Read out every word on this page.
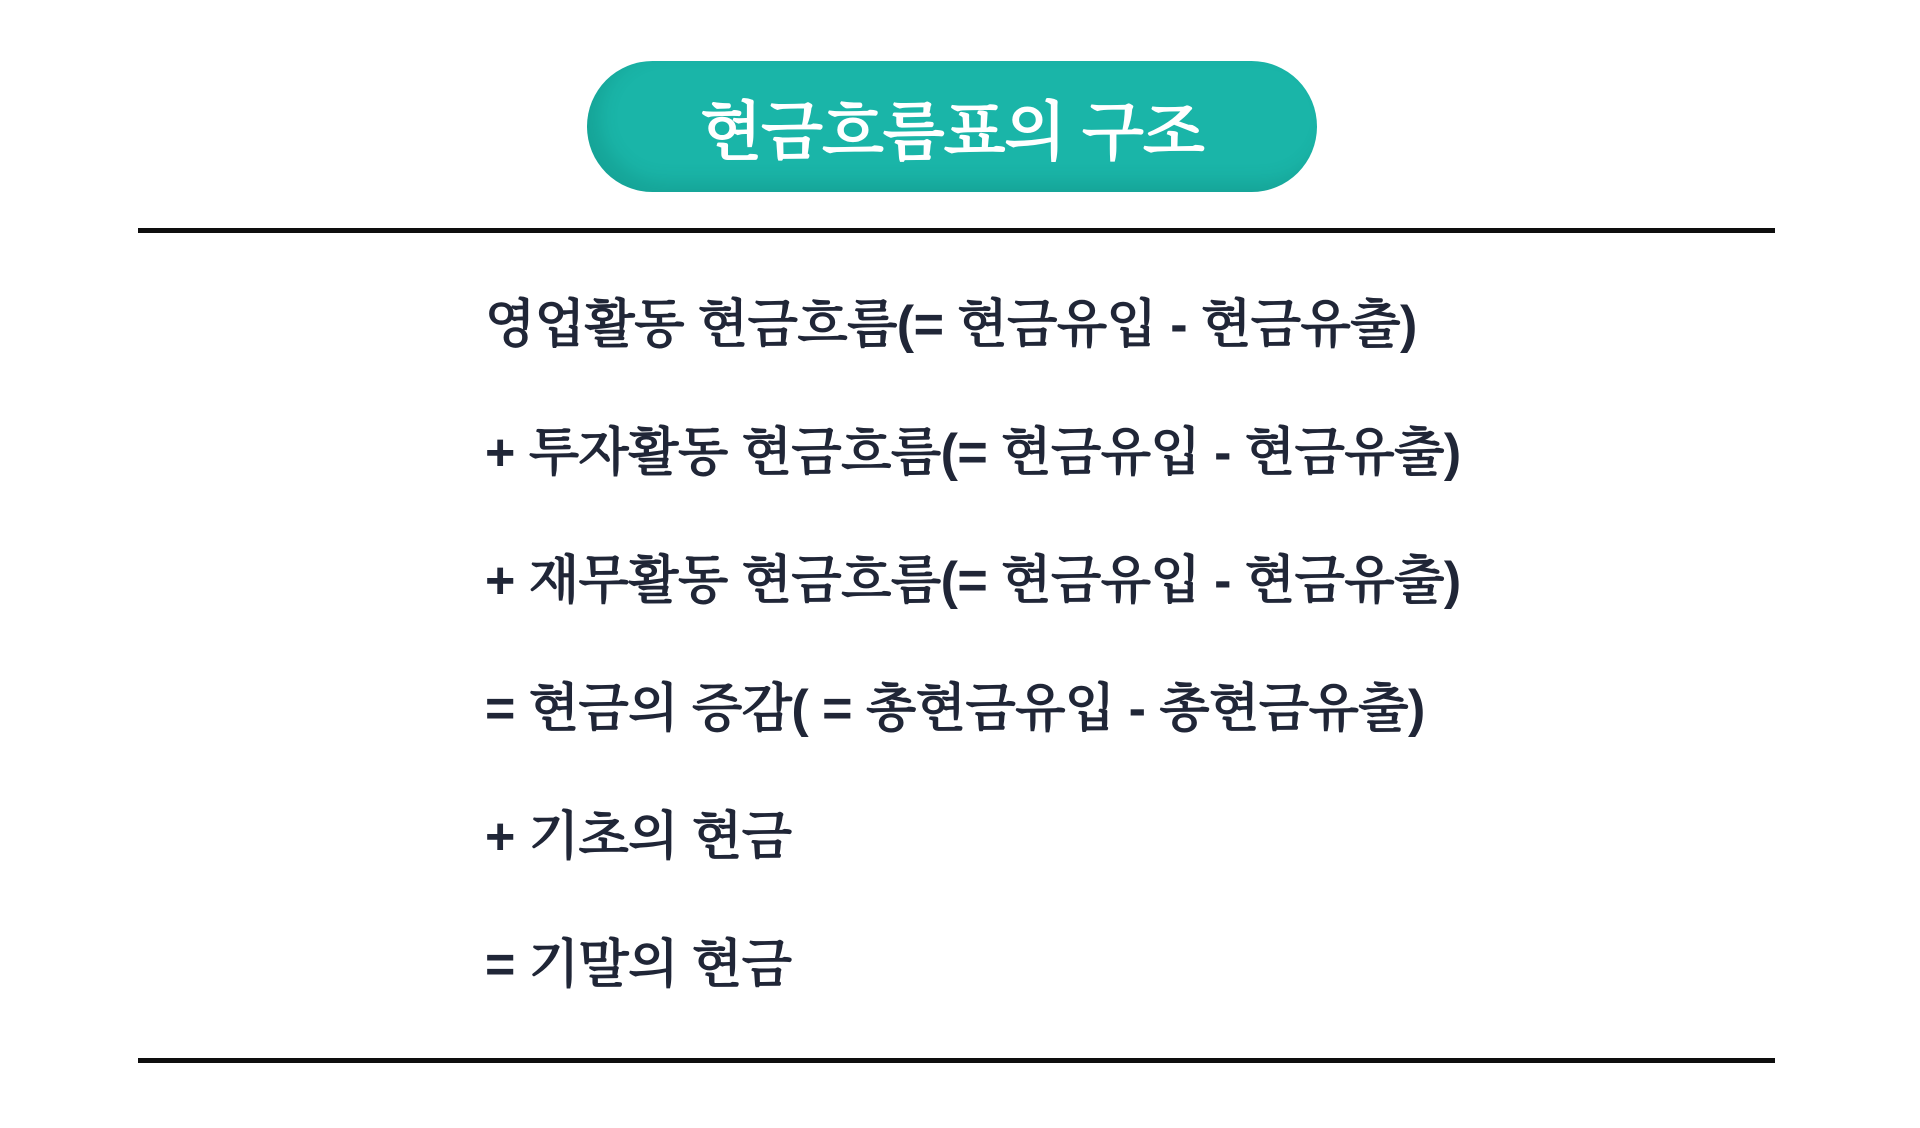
현금흐름표의 구조
영업활동 현금흐름(= 현금유입 - 현금유출)
+ 투자활동 현금흐름(= 현금유입 - 현금유출)
+ 재무활동 현금흐름(= 현금유입 - 현금유출)
= 현금의 증감( = 총현금유입 - 총현금유출)
+ 기초의 현금
= 기말의 현금
